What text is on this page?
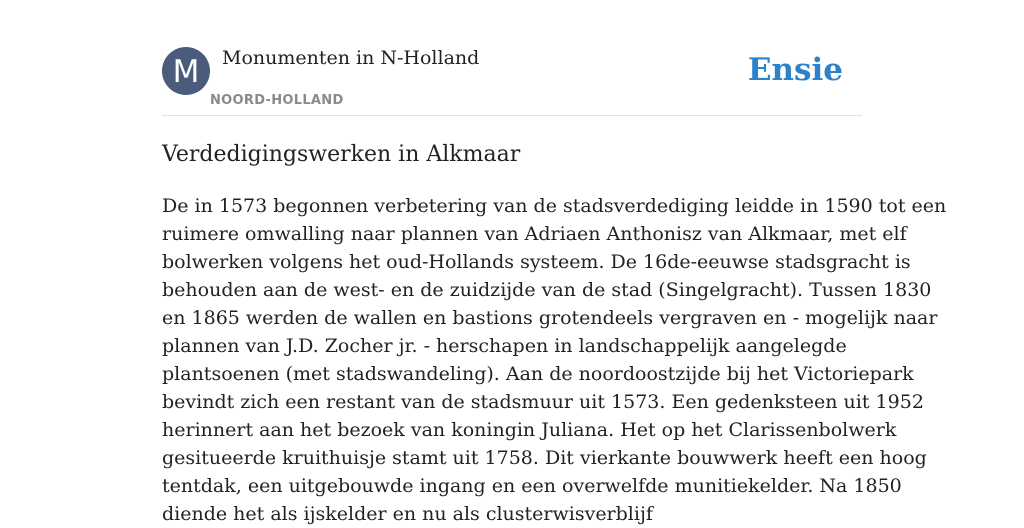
M Monumenten in N-Holland
NOORD-HOLLAND
Ensie
Verdedigingswerken in Alkmaar
De in 1573 begonnen verbetering van de stadsverdediging leidde in 1590 tot een
ruimere omwalling naar plannen van Adriaen Anthonisz van Alkmaar, met elf
bolwerken volgens het oud-Hollands systeem. De 16de-eeuwse stadsgracht is
behouden aan de west- en de zuidzijde van de stad (Singelgracht). Tussen 1830
en 1865 werden de wallen en bastions grotendeels vergraven en - mogelijk naar
plannen van J.D. Zocher jr. - herschapen in landschappelijk aangelegde
plantsoenen (met stadswandeling). Aan de noordoostzijde bij het Victoriepark
bevindt zich een restant van de stadsmuur uit 1573. Een gedenksteen uit 1952
herinnert aan het bezoek van koningin Juliana. Het op het Clarissenbolwerk
gesitueerde kruithuisje stamt uit 1758. Dit vierkante bouwwerk heeft een hoog
tentdak, een uitgebouwde ingang en een overwelfde munitiekelder. Na 1850
diende het als ijskelder en nu als clusterwisverblijf
